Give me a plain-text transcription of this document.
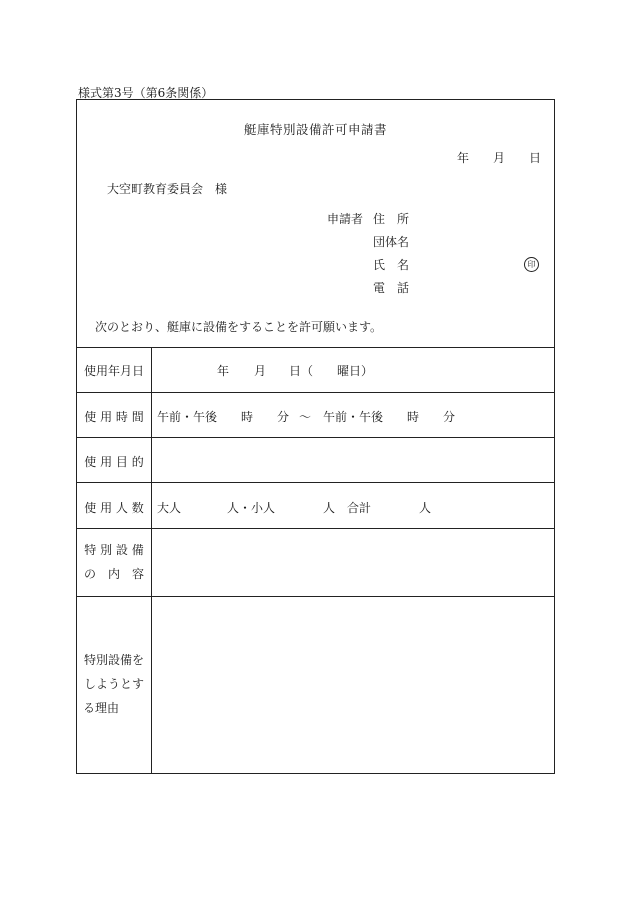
様式第3号（第6条関係）
艇庫特別設備許可申請書
年 月 日
大空町教育委員会　様
申請者 住　所
団体名
氏　名	印
電　話
次のとおり、艇庫に設備をすることを許可願います。
使用年月日	年 月 日（　　曜日）
使 用 時 間	午前・午後 時 分 ～ 午前・午後 時 分
使 用 目 的
使 用 人 数	大人	人・小人	人　合計	人
特 別 設 備
の　内　容
特別設備を
しようとす
る理由
